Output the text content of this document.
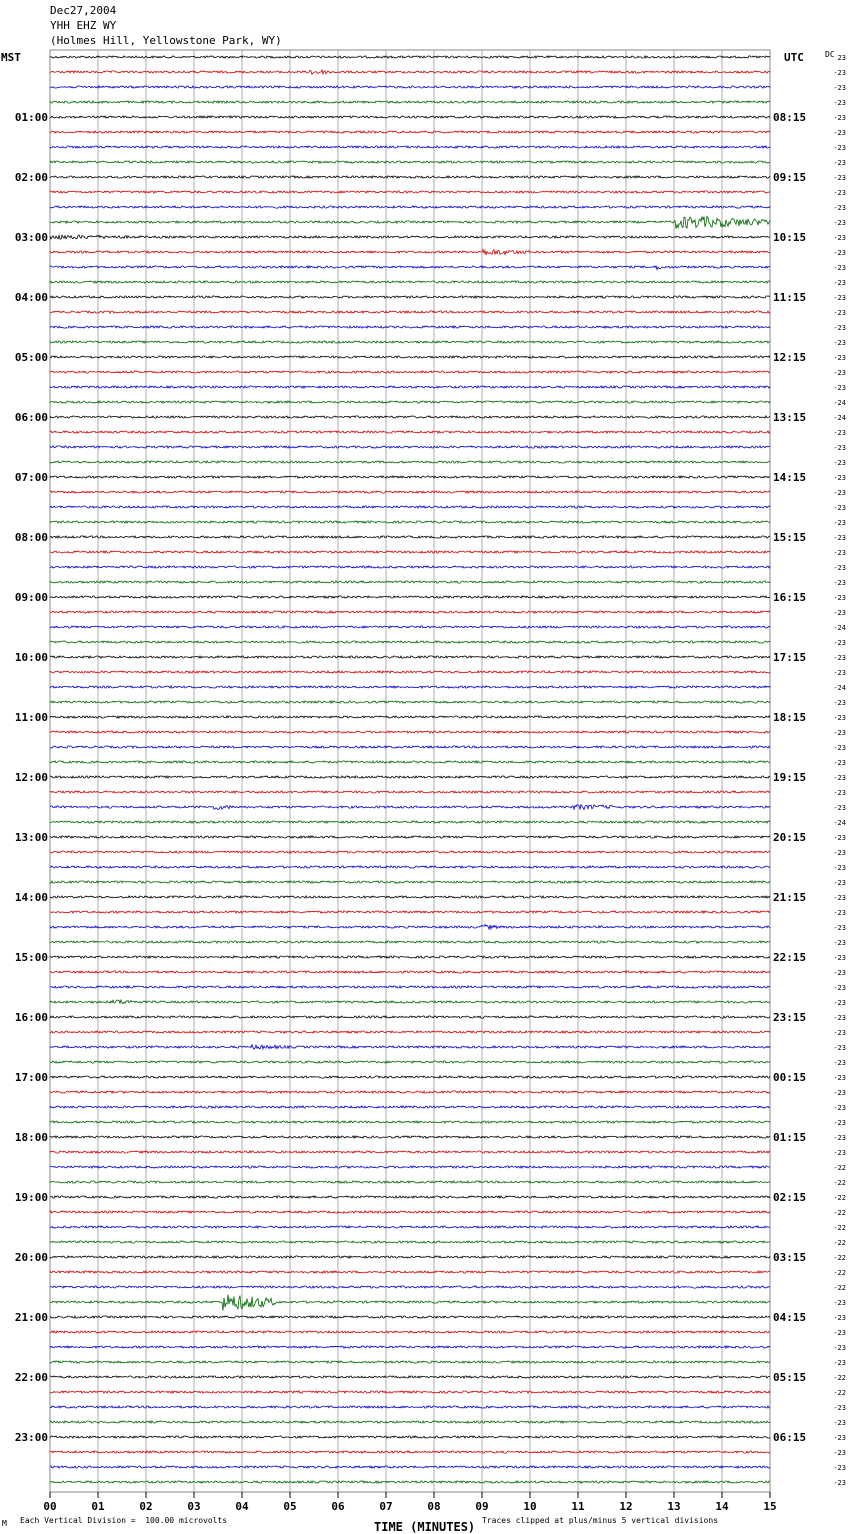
Dec27,2004
YHH EHZ WY
(Holmes Hill, Yellowstone Park, WY)
MST	UTC	DC 23
-23
-23
-23
-23
-23
-23
-23
-23
-23
-23
-23
-23
-23
-23
-23
-23
-23
-23
-23
-23
-23
-23
-24
-24
-23
-23
-23
-23
-23
-23
-23
-23
-23
-23
-23
-23
-23
-24
-23
-23
-23
-24
-23
-23
-23
-23
-23
-23
-23
-23
-24
-23
-23
-23
-23
-23
-23
-23
-23
-23
-23
-23
-23
-23
-23
-23
-23
-23
-23
-23
-23
-23
-23
-22
-22
-22
-22
-22
-22
-22
-22
-22
-23
-23
-23
-23
-23
-22
-22
-23
-23
-23
-23
-23
-23
01:00
02:00
03:00
04:00
05:00
06:00
07:00
08:00
09:00
10:00
11:00
12:00
13:00
14:00
15:00
16:00
17:00
18:00
19:00
20:00
21:00
22:00
23:00
08:15
09:15
10:15
11:15
12:15
13:15
14:15
15:15
16:15
17:15
18:15
19:15
20:15
21:15
22:15
23:15
00:15
01:15
02:15
03:15
04:15
05:15
06:15
00	01	02	03	04	05	06	07	08	09	10	11	12	13	14	15
M Each Vertical Division =  100.00 microvolts	TIME (MINUTES) Traces clipped at plus/minus 5 vertical divisions
